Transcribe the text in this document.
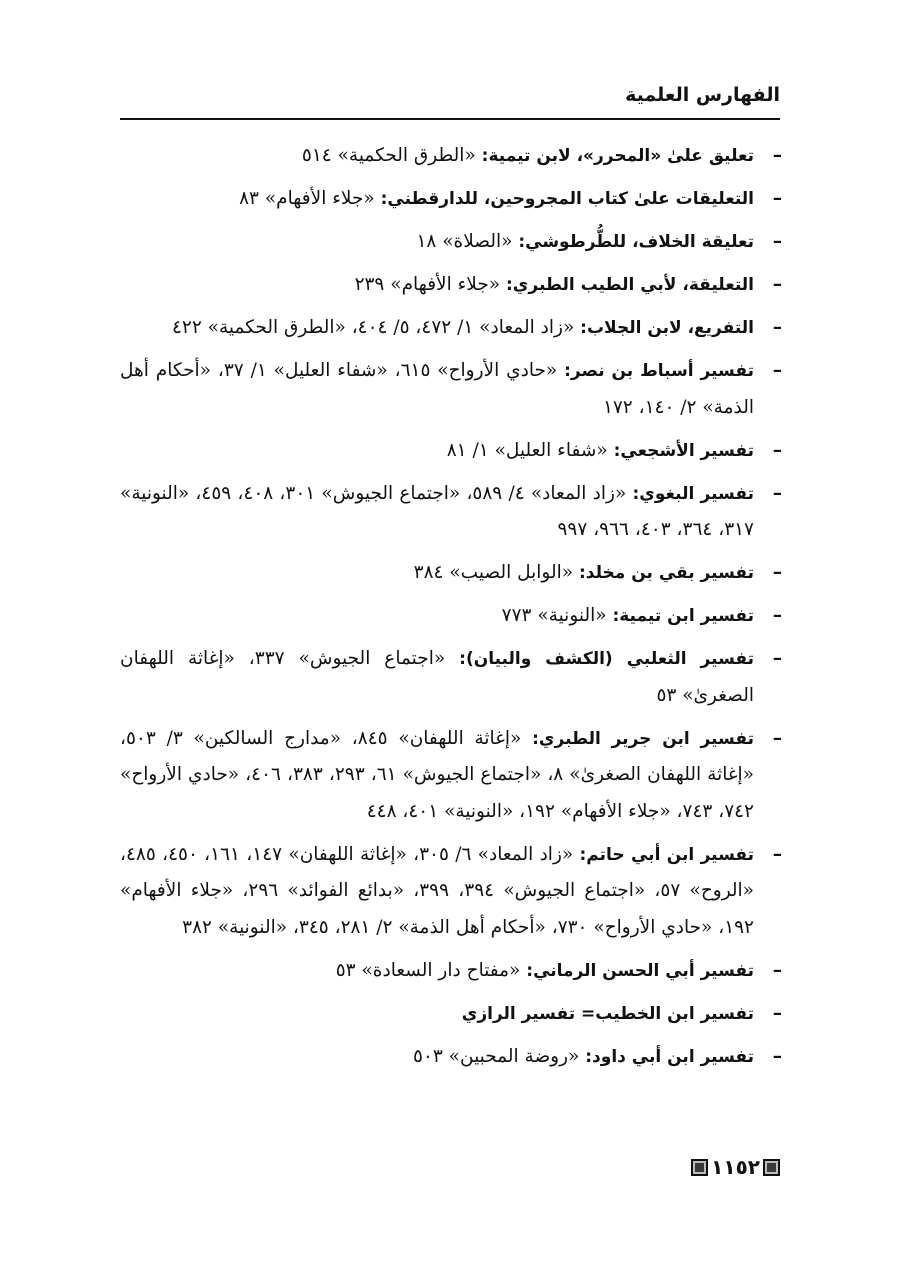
الفهارس العلمية
–
تعليق علىٰ «المحرر»، لابن تيمية: «الطرق الحكمية» ٥١٤
–
التعليقات علىٰ كتاب المجروحين، للدارقطني: «جلاء الأفهام» ٨٣
–
تعليقة الخلاف، للطُّرطوشي: «الصلاة» ١٨
–
التعليقة، لأبي الطيب الطبري: «جلاء الأفهام» ٢٣٩
–
التفريع، لابن الجلاب: «زاد المعاد» ١/ ٤٧٢، ٥/ ٤٠٤، «الطرق الحكمية» ٤٢٢
–
تفسير أسباط بن نصر: «حادي الأرواح» ٦١٥، «شفاء العليل» ١/ ٣٧، «أحكام أهل الذمة» ٢/ ١٤٠، ١٧٢
–
تفسير الأشجعي: «شفاء العليل» ١/ ٨١
–
تفسير البغوي: «زاد المعاد» ٤/ ٥٨٩، «اجتماع الجيوش» ٣٠١، ٤٠٨، ٤٥٩، «النونية» ٣١٧، ٣٦٤، ٤٠٣، ٩٦٦، ٩٩٧
–
تفسير بقي بن مخلد: «الوابل الصيب» ٣٨٤
–
تفسير ابن تيمية: «النونية» ٧٧٣
–
تفسير الثعلبي (الكشف والبيان): «اجتماع الجيوش» ٣٣٧، «إغاثة اللهفان الصغرىٰ» ٥٣
–
تفسير ابن جرير الطبري: «إغاثة اللهفان» ٨٤٥، «مدارج السالكين» ٣/ ٥٠٣، «إغاثة اللهفان الصغرىٰ» ٨، «اجتماع الجيوش» ٦١، ٢٩٣، ٣٨٣، ٤٠٦، «حادي الأرواح» ٧٤٢، ٧٤٣، «جلاء الأفهام» ١٩٢، «النونية» ٤٠١، ٤٤٨
–
تفسير ابن أبي حاتم: «زاد المعاد» ٦/ ٣٠٥، «إغاثة اللهفان» ١٤٧، ١٦١، ٤٥٠، ٤٨٥، «الروح» ٥٧، «اجتماع الجيوش» ٣٩٤، ٣٩٩، «بدائع الفوائد» ٢٩٦، «جلاء الأفهام» ١٩٢، «حادي الأرواح» ٧٣٠، «أحكام أهل الذمة» ٢/ ٢٨١، ٣٤٥، «النونية» ٣٨٢
–
تفسير أبي الحسن الرماني: «مفتاح دار السعادة» ٥٣
–
تفسير ابن الخطيب= تفسير الرازي
–
تفسير ابن أبي داود: «روضة المحبين» ٥٠٣
١١٥٢
